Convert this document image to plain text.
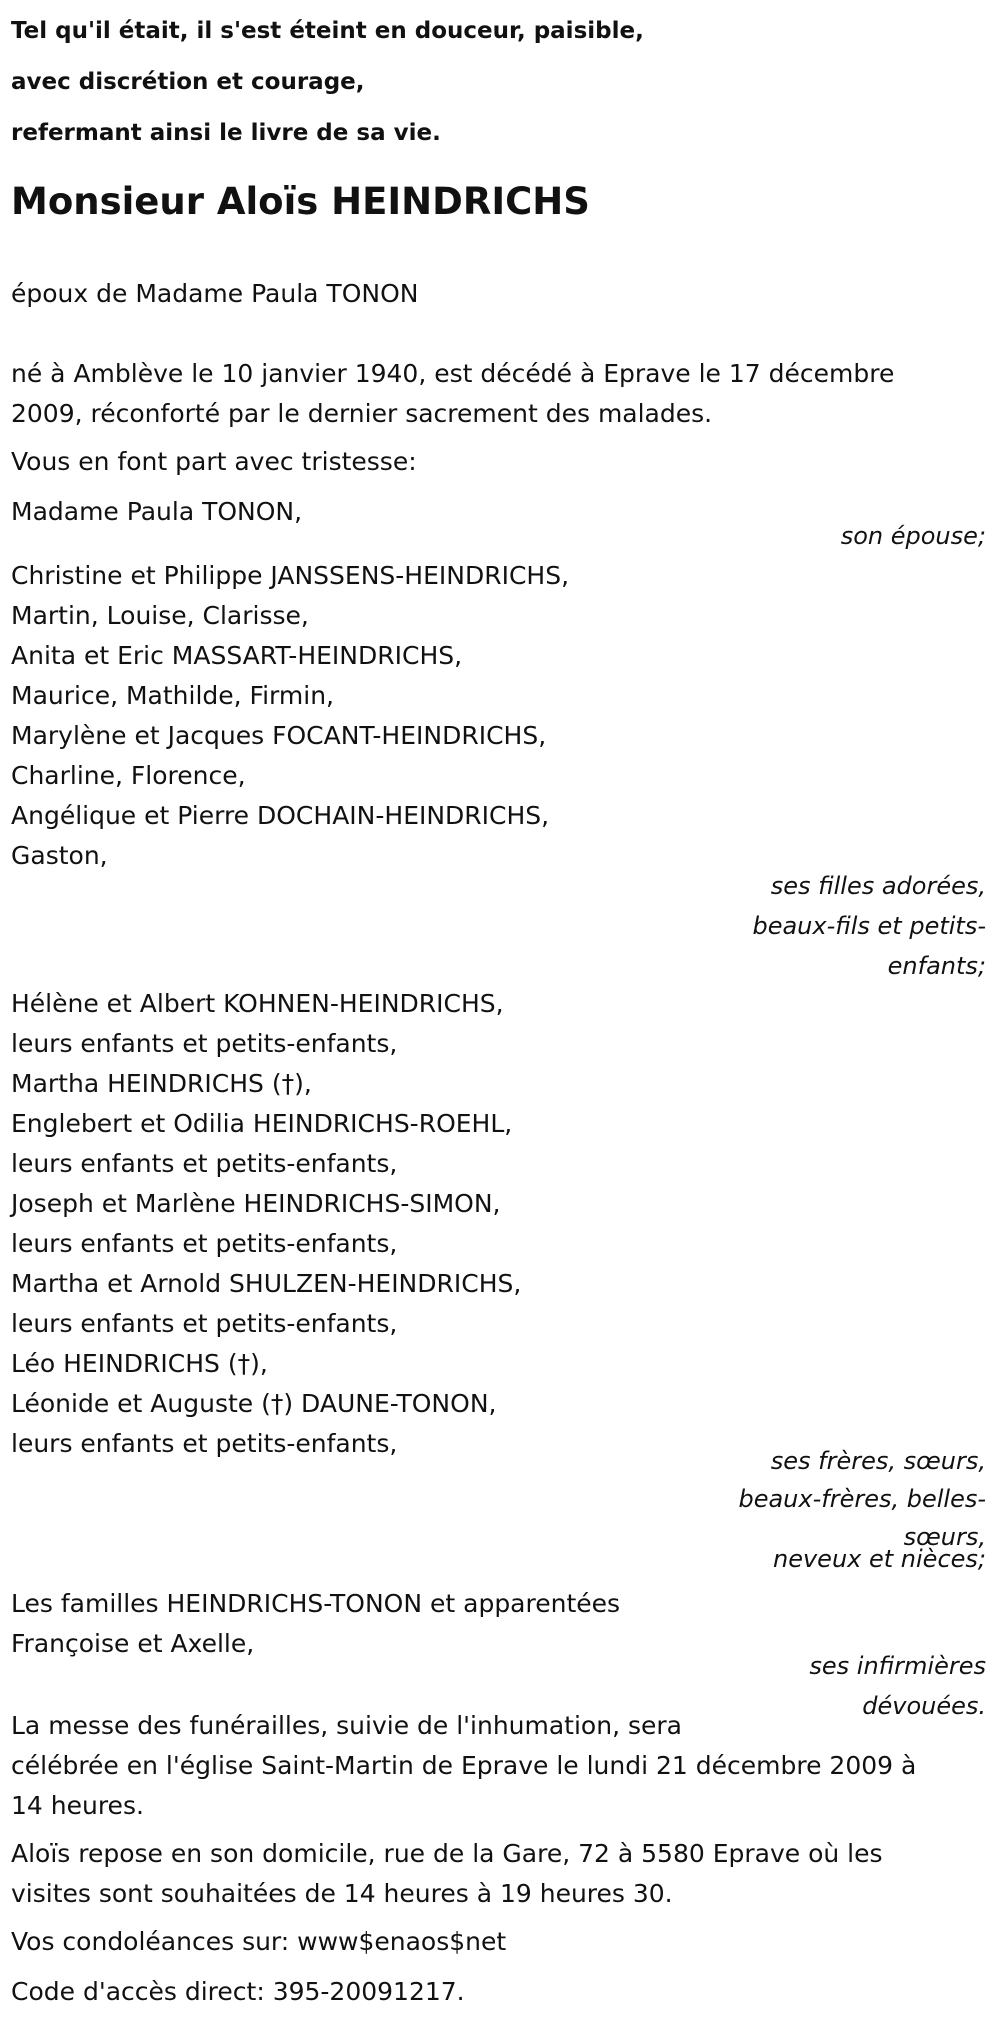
Tel qu'il était, il s'est éteint en douceur, paisible,
avec discrétion et courage,
refermant ainsi le livre de sa vie.
Monsieur Aloïs HEINDRICHS
époux de Madame Paula TONON
né à Amblève le 10 janvier 1940, est décédé à Eprave le 17 décembre
2009, réconforté par le dernier sacrement des malades.
Vous en font part avec tristesse:
Madame Paula TONON,
son épouse;
Christine et Philippe JANSSENS-HEINDRICHS,
Martin, Louise, Clarisse,
Anita et Eric MASSART-HEINDRICHS,
Maurice, Mathilde, Firmin,
Marylène et Jacques FOCANT-HEINDRICHS,
Charline, Florence,
Angélique et Pierre DOCHAIN-HEINDRICHS,
Gaston,
ses filles adorées,
beaux-fils et petits-
enfants;
Hélène et Albert KOHNEN-HEINDRICHS,
leurs enfants et petits-enfants,
Martha HEINDRICHS (†),
Englebert et Odilia HEINDRICHS-ROEHL,
leurs enfants et petits-enfants,
Joseph et Marlène HEINDRICHS-SIMON,
leurs enfants et petits-enfants,
Martha et Arnold SHULZEN-HEINDRICHS,
leurs enfants et petits-enfants,
Léo HEINDRICHS (†),
Léonide et Auguste (†) DAUNE-TONON,
leurs enfants et petits-enfants,
ses frères, sœurs,
beaux-frères, belles-
sœurs,
neveux et nièces;
Les familles HEINDRICHS-TONON et apparentées
Françoise et Axelle,
ses infirmières
dévouées.
La messe des funérailles, suivie de l'inhumation, sera
célébrée en l'église Saint-Martin de Eprave le lundi 21 décembre 2009 à
14 heures.
Aloïs repose en son domicile, rue de la Gare, 72 à 5580 Eprave où les
visites sont souhaitées de 14 heures à 19 heures 30.
Vos condoléances sur: www$enaos$net
Code d'accès direct: 395-20091217.
